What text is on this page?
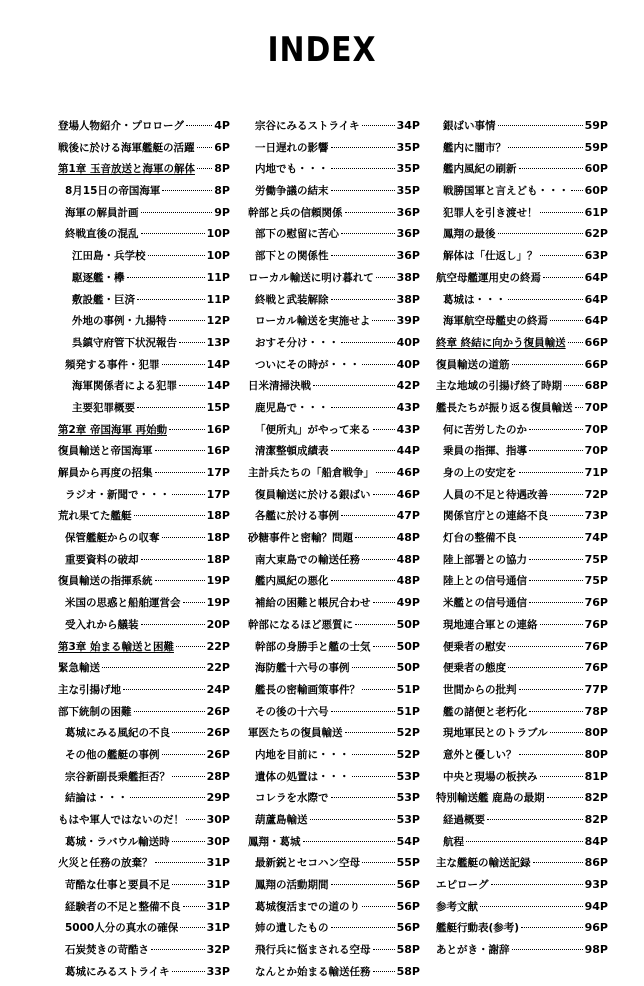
INDEX
登場人物紹介・プロローグ	4P
戦後に於ける海軍艦艇の活躍 6P
第1章 玉音放送と海軍の解体 8P
8月15日の帝国海軍	8P
海軍の解員計画	9P
終戦直後の混乱	10P
江田島・兵学校	10P
駆逐艦・欅	11P
敷設艦・巨済	11P
外地の事例・九揚特	12P
呉鎮守府管下状況報告	13P
頻発する事件・犯罪	14P
海軍関係者による犯罪	14P
主要犯罪概要	15P
第2章 帝国海軍 再始動	16P
復員輸送と帝国海軍	16P
解員から再度の招集	17P
ラジオ・新聞で・・・	17P
荒れ果てた艦艇	18P
保管艦艇からの収奪	18P
重要資料の破却	18P
復員輸送の指揮系統	19P
米国の思惑と船舶運営会 19P
受入れから艤装	20P
第3章 始まる輸送と困難	22P
緊急輸送	22P
主な引揚げ地	24P
部下統制の困難	26P
葛城にみる風紀の不良	26P
その他の艦艇の事例	26P
宗谷新副長乗艦拒否？	28P
結論は・・・	29P
もはや軍人ではないのだ！ 30P
葛城・ラバウル輸送時	30P
火災と任務の放棄？	31P
苛酷な仕事と要員不足	31P
経験者の不足と整備不良 31P
5000人分の真水の確保	31P
石炭焚きの苛酷さ	32P
葛城にみるストライキ	33P
宗谷にみるストライキ	34P
一日遅れの影響	35P
内地でも・・・	35P
労働争議の結末	35P
幹部と兵の信頼関係	36P
部下の慰留に苦心	36P
部下との関係性	36P
ローカル輸送に明け暮れて 38P
終戦と武装解除	38P
ローカル輸送を実施せよ 39P
おすそ分け・・・	40P
ついにその時が・・・	40P
日米清掃決戦	42P
鹿児島で・・・	43P
「便所丸」がやって来る 43P
清潔整頓成績表	44P
主計兵たちの「船倉戦争」 46P
復員輸送に於ける銀ばい 46P
各艦に於ける事例	47P
砂糖事件と密輸？問題	48P
南大東島での輸送任務	48P
艦内風紀の悪化	48P
補給の困難と帳尻合わせ 49P
幹部になるほど悪質に	50P
幹部の身勝手と艦の士気 50P
海防艦十六号の事例	50P
艦長の密輸画策事件？	51P
その後の十六号	51P
軍医たちの復員輸送	52P
内地を目前に・・・	52P
遺体の処置は・・・	53P
コレラを水際で	53P
葫蘆島輸送	53P
鳳翔・葛城	54P
最新鋭とセコハン空母	55P
鳳翔の活動期間	56P
葛城復活までの道のり	56P
姉の遺したもの	56P
飛行兵に悩まされる空母 58P
なんとか始まる輸送任務 58P
銀ばい事情	59P
艦内に闇市？	59P
艦内風紀の刷新	60P
戦勝国軍と言えども・・・ 60P
犯罪人を引き渡せ！	61P
鳳翔の最後	62P
解体は「仕返し」？	63P
航空母艦運用史の終焉	64P
葛城は・・・	64P
海軍航空母艦史の終焉	64P
終章 終結に向かう復員輸送 66P
復員輸送の道筋	66P
主な地域の引揚げ終了時期 68P
艦長たちが振り返る復員輸送 70P
何に苦労したのか	70P
乗員の指揮、指導	70P
身の上の安定を	71P
人員の不足と待遇改善	72P
関係官庁との連絡不良	73P
灯台の整備不良	74P
陸上部署との協力	75P
陸上との信号通信	75P
米艦との信号通信	76P
現地連合軍との連絡	76P
便乗者の慰安	76P
便乗者の態度	76P
世間からの批判	77P
艦の諸便と老朽化	78P
現地軍民とのトラブル	80P
意外と優しい？	80P
中央と現場の板挟み	81P
特別輸送艦 鹿島の最期	82P
経過概要	82P
航程	84P
主な艦艇の輸送記録	86P
エピローグ	93P
参考文献	94P
艦艇行動表(参考)	96P
あとがき・謝辞	98P
